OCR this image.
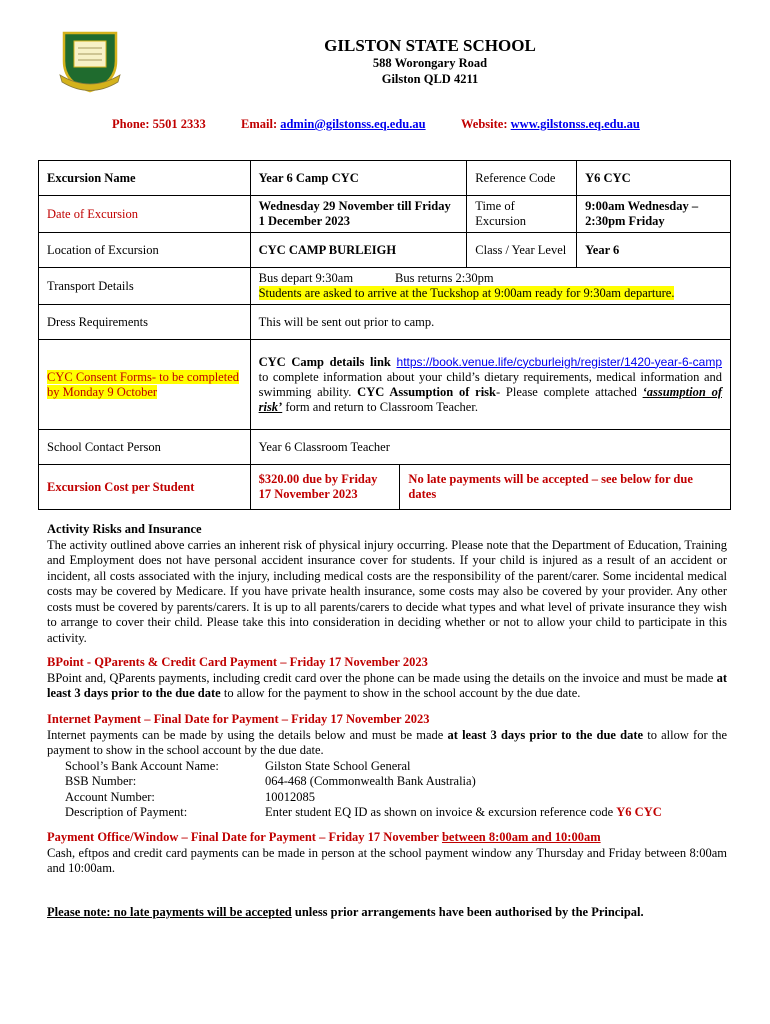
GILSTON STATE SCHOOL
588 Worongary Road
Gilston QLD 4211
Phone: 5501 2333	Email: admin@gilstonss.eq.edu.au	Website: www.gilstonss.eq.edu.au
Excursion Name	Year 6 Camp CYC		Reference Code	Y6 CYC
Date of Excursion	Wednesday 29 November till Friday 1 December 2023		Time of Excursion	9:00am Wednesday – 2:30pm Friday
Location of Excursion	CYC CAMP BURLEIGH		Class / Year Level	Year 6
Transport Details	Bus depart 9:30am Bus returns 2:30pm
Students are asked to arrive at the Tuckshop at 9:00am ready for 9:30am departure.			

Dress Requirements	This will be sent out prior to camp.			
CYC Consent Forms- to be completed by Monday 9 October	CYC Camp details link https://book.venue.life/cycburleigh/register/1420-year-6-camp to complete information about your child’s dietary requirements, medical information and swimming ability. CYC Assumption of risk- Please complete attached ‘assumption of risk’ form and return to Classroom Teacher.			
School Contact Person	Year 6 Classroom Teacher			
Excursion Cost per Student	$320.00 due by Friday 17 November 2023	No late payments will be accepted – see below for due dates		
Activity Risks and Insurance
The activity outlined above carries an inherent risk of physical injury occurring. Please note that the Department of Education, Training and Employment does not have personal accident insurance cover for students. If your child is injured as a result of an accident or incident, all costs associated with the injury, including medical costs are the responsibility of the parent/carer. Some incidental medical costs may be covered by Medicare. If you have private health insurance, some costs may also be covered by your provider. Any other costs must be covered by parents/carers. It is up to all parents/carers to decide what types and what level of private insurance they wish to arrange to cover their child. Please take this into consideration in deciding whether or not to allow your child to participate in this activity.
BPoint - QParents & Credit Card Payment – Friday 17 November 2023
BPoint and, QParents payments, including credit card over the phone can be made using the details on the invoice and must be made at least 3 days prior to the due date to allow for the payment to show in the school account by the due date.
Internet Payment – Final Date for Payment – Friday 17 November 2023
Internet payments can be made by using the details below and must be made at least 3 days prior to the due date to allow for the payment to show in the school account by the due date.
School’s Bank Account Name:	Gilston State School General
BSB Number:	064-468 (Commonwealth Bank Australia)
Account Number:	10012085
Description of Payment:	Enter student EQ ID as shown on invoice & excursion reference code Y6 CYC
Payment Office/Window – Final Date for Payment – Friday 17 November between 8:00am and 10:00am
Cash, eftpos and credit card payments can be made in person at the school payment window any Thursday and Friday between 8:00am and 10:00am.
Please note: no late payments will be accepted unless prior arrangements have been authorised by the Principal.
